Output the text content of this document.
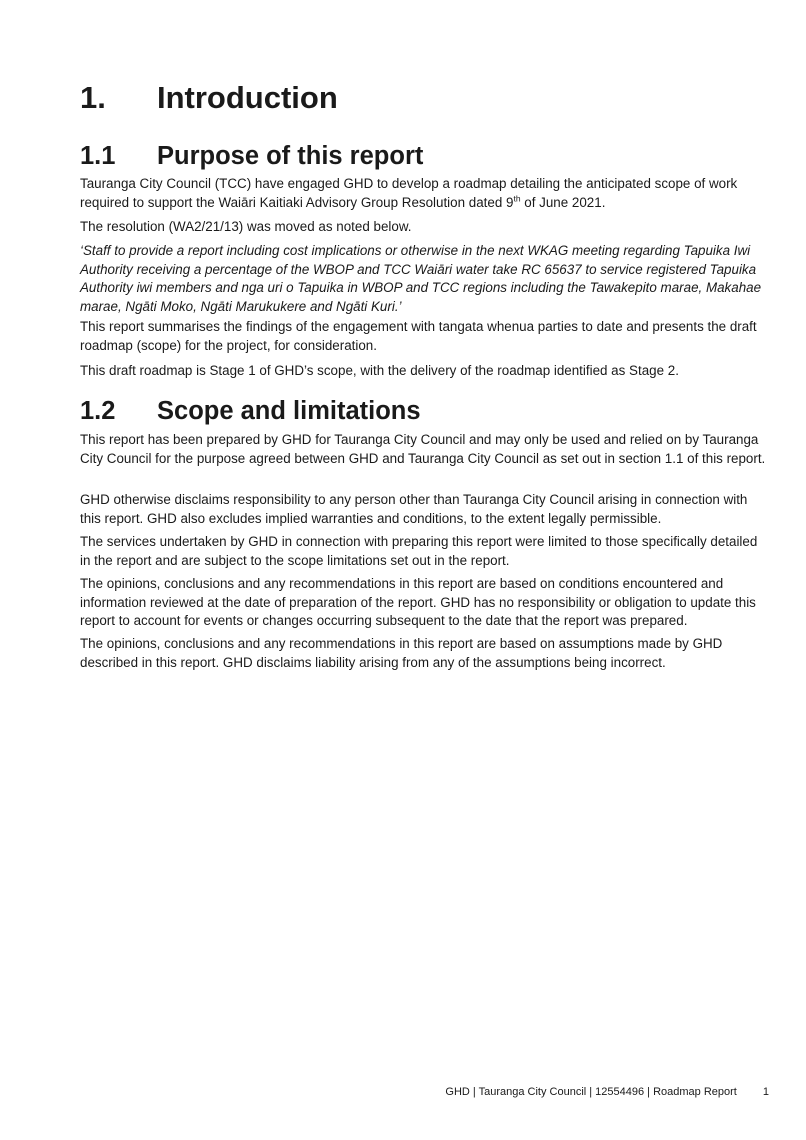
1. Introduction
1.1 Purpose of this report

Tauranga City Council (TCC) have engaged GHD to develop a roadmap detailing the anticipated scope of work required to support the Waiāri Kaitiaki Advisory Group Resolution dated 9th of June 2021.

The resolution (WA2/21/13) was moved as noted below.

‘Staff to provide a report including cost implications or otherwise in the next WKAG meeting regarding Tapuika Iwi Authority receiving a percentage of the WBOP and TCC Waiāri water take RC 65637 to service registered Tapuika Authority iwi members and nga uri o Tapuika in WBOP and TCC regions including the Tawakepito marae, Makahae marae, Ngāti Moko, Ngāti Marukukere and Ngāti Kuri.’

This report summarises the findings of the engagement with tangata whenua parties to date and presents the draft roadmap (scope) for the project, for consideration.

This draft roadmap is Stage 1 of GHD’s scope, with the delivery of the roadmap identified as Stage 2.

1.2 Scope and limitations

This report has been prepared by GHD for Tauranga City Council and may only be used and relied on by Tauranga City Council for the purpose agreed between GHD and Tauranga City Council as set out in section 1.1 of this report.

GHD otherwise disclaims responsibility to any person other than Tauranga City Council arising in connection with this report. GHD also excludes implied warranties and conditions, to the extent legally permissible.

The services undertaken by GHD in connection with preparing this report were limited to those specifically detailed in the report and are subject to the scope limitations set out in the report.

The opinions, conclusions and any recommendations in this report are based on conditions encountered and information reviewed at the date of preparation of the report. GHD has no responsibility or obligation to update this report to account for events or changes occurring subsequent to the date that the report was prepared.

The opinions, conclusions and any recommendations in this report are based on assumptions made by GHD described in this report. GHD disclaims liability arising from any of the assumptions being incorrect.

GHD | Tauranga City Council | 12554496 | Roadmap Report 1
